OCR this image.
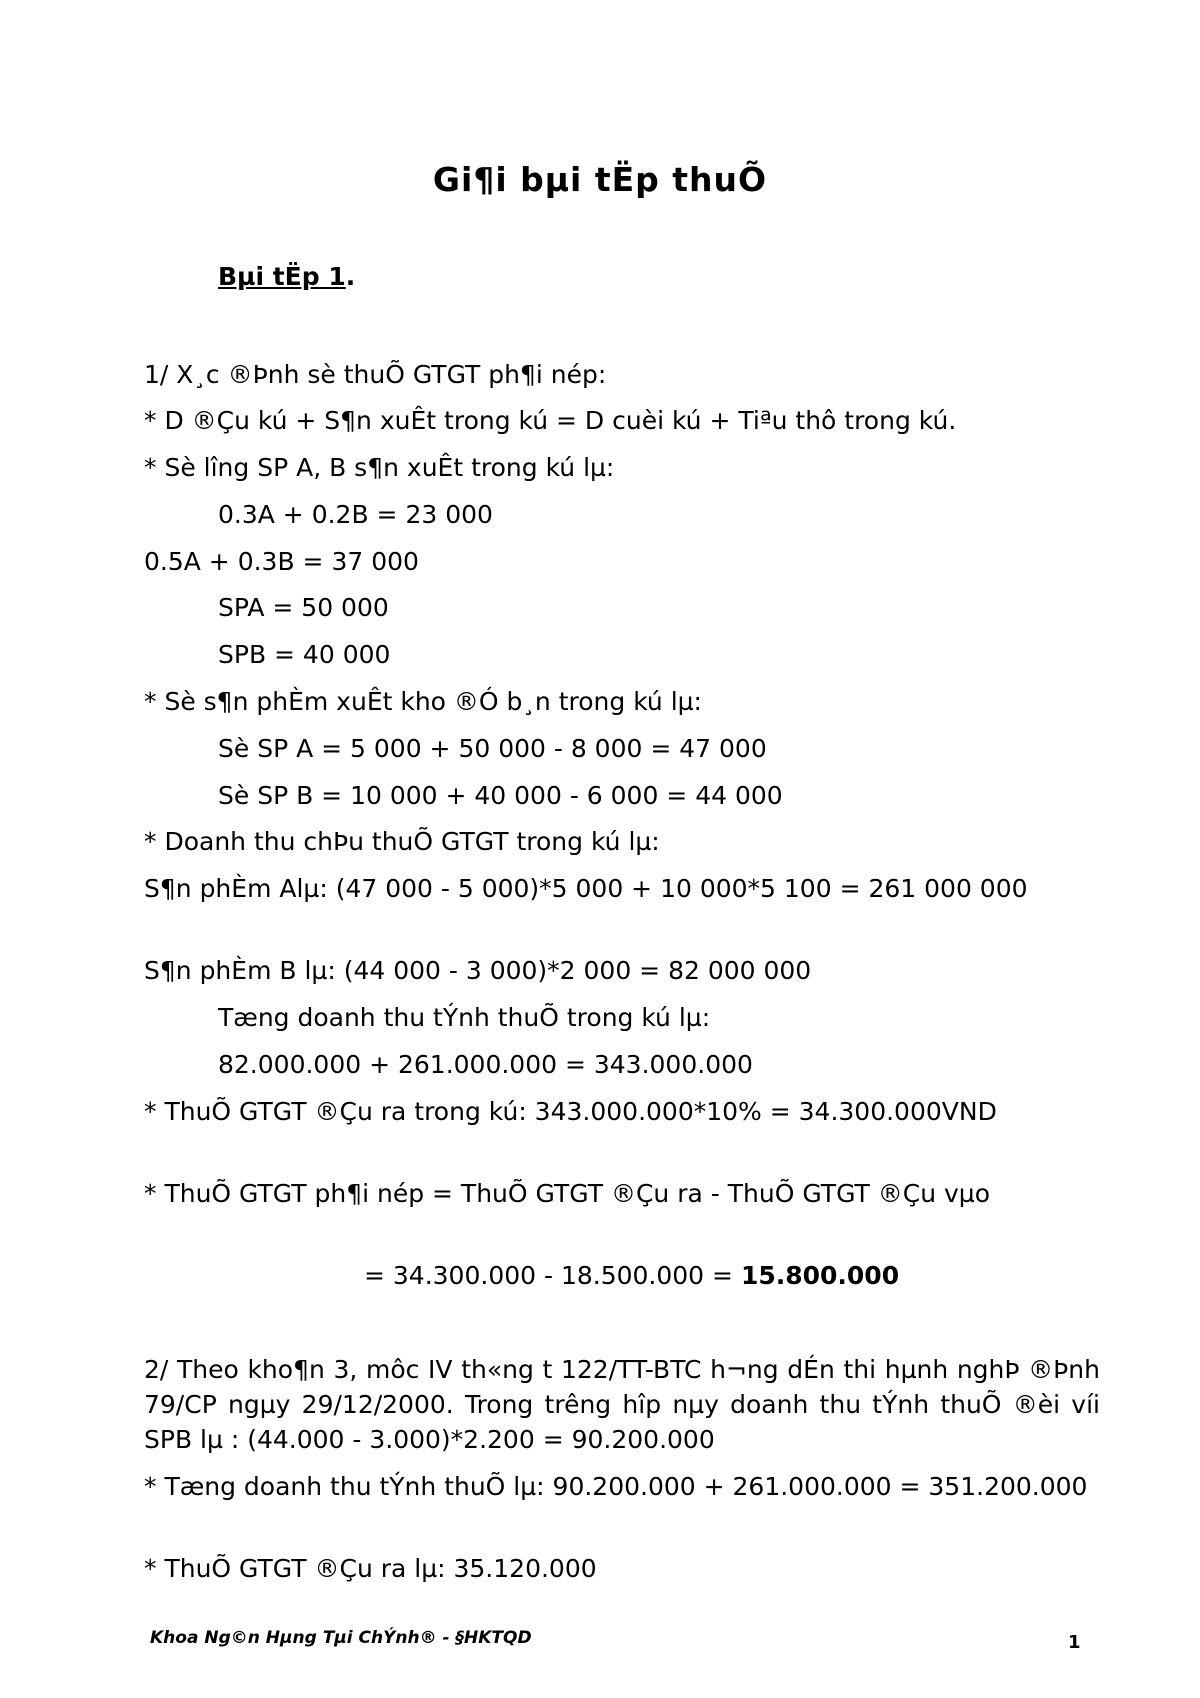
Gi¶i bµi tËp thuÕ
Bµi tËp 1.
1/ X¸c ®Þnh sè thuÕ GTGT ph¶i nép:
* D ®Çu kú + S¶n xuÊt trong kú = D cuèi kú + Tiªu thô trong kú.
* Sè lîng SP A, B s¶n xuÊt trong kú lµ:
0.3A + 0.2B = 23 000
0.5A + 0.3B = 37 000
SPA = 50 000
SPB = 40 000
* Sè s¶n phÈm xuÊt kho ®Ó b¸n trong kú lµ:
Sè SP A = 5 000 + 50 000 - 8 000 = 47 000
Sè SP B = 10 000 + 40 000 - 6 000 = 44 000
* Doanh thu chÞu thuÕ GTGT trong kú lµ:
S¶n phÈm Alµ: (47 000 - 5 000)*5 000 + 10 000*5 100 = 261 000 000
S¶n phÈm B lµ: (44 000 - 3 000)*2 000 = 82 000 000
Tæng doanh thu tÝnh thuÕ trong kú lµ:
82.000.000 + 261.000.000 = 343.000.000
* ThuÕ GTGT ®Çu ra trong kú: 343.000.000*10% = 34.300.000VND
* ThuÕ GTGT ph¶i nép = ThuÕ GTGT ®Çu ra - ThuÕ GTGT ®Çu vµo
= 34.300.000 - 18.500.000 = 15.800.000
2/ Theo kho¶n 3, môc IV th«ng t 122/TT-BTC h¬ng dÉn thi hµnh nghÞ ®Þnh 79/CP ngµy 29/12/2000. Trong trêng hîp nµy doanh thu tÝnh thuÕ ®èi víi SPB lµ : (44.000 - 3.000)*2.200 = 90.200.000
* Tæng doanh thu tÝnh thuÕ lµ: 90.200.000 + 261.000.000 = 351.200.000
* ThuÕ GTGT ®Çu ra lµ: 35.120.000
Khoa Ng©n Hµng Tµi ChÝnh® - §HKTQD	1
